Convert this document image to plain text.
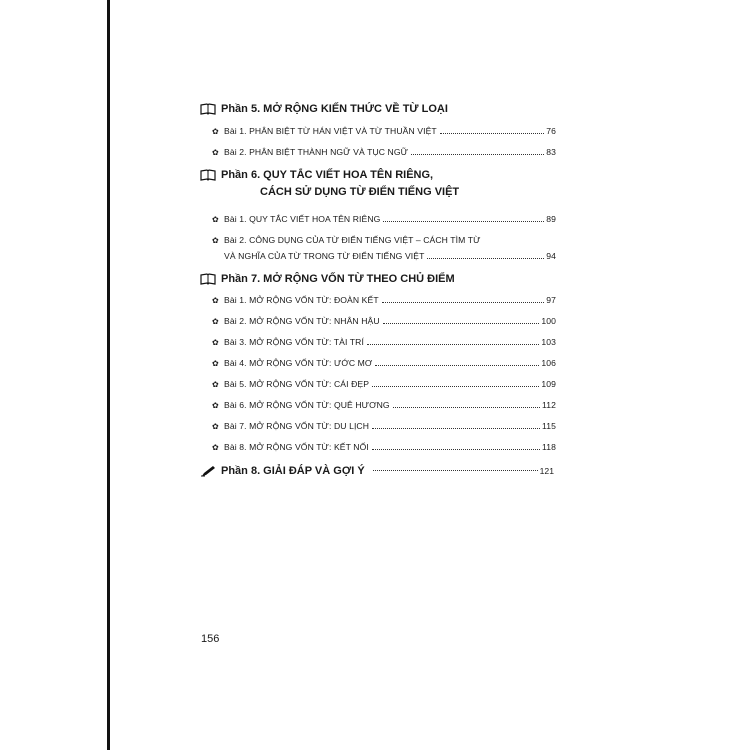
Phần 5. MỞ RỘNG KIẾN THỨC VỀ TỪ LOẠI
✿ Bài 1. PHÂN BIỆT TỪ HÁN VIỆT VÀ TỪ THUẦN VIỆT	76
✿ Bài 2. PHÂN BIỆT THÀNH NGỮ VÀ TỤC NGỮ	83
Phần 6. QUY TẮC VIẾT HOA TÊN RIÊNG,
CÁCH SỬ DỤNG TỪ ĐIỂN TIẾNG VIỆT
✿ Bài 1. QUY TẮC VIẾT HOA TÊN RIÊNG	89
✿ Bài 2. CÔNG DỤNG CỦA TỪ ĐIỂN TIẾNG VIỆT – CÁCH TÌM TỪ
VÀ NGHĨA CỦA TỪ TRONG TỪ ĐIỂN TIẾNG VIỆT	94
Phần 7. MỞ RỘNG VỐN TỪ THEO CHỦ ĐIỂM
✿ Bài 1. MỞ RỘNG VỐN TỪ: ĐOÀN KẾT	97
✿ Bài 2. MỞ RỘNG VỐN TỪ: NHÂN HẬU	100
✿ Bài 3. MỞ RỘNG VỐN TỪ: TÀI TRÍ	103
✿ Bài 4. MỞ RỘNG VỐN TỪ: ƯỚC MƠ	106
✿ Bài 5. MỞ RỘNG VỐN TỪ: CÁI ĐẸP	109
✿ Bài 6. MỞ RỘNG VỐN TỪ: QUÊ HƯƠNG	112
✿ Bài 7. MỞ RỘNG VỐN TỪ: DU LỊCH	115
✿ Bài 8. MỞ RỘNG VỐN TỪ: KẾT NỐI	118
Phần 8. GIẢI ĐÁP VÀ GỢI Ý	121
156
